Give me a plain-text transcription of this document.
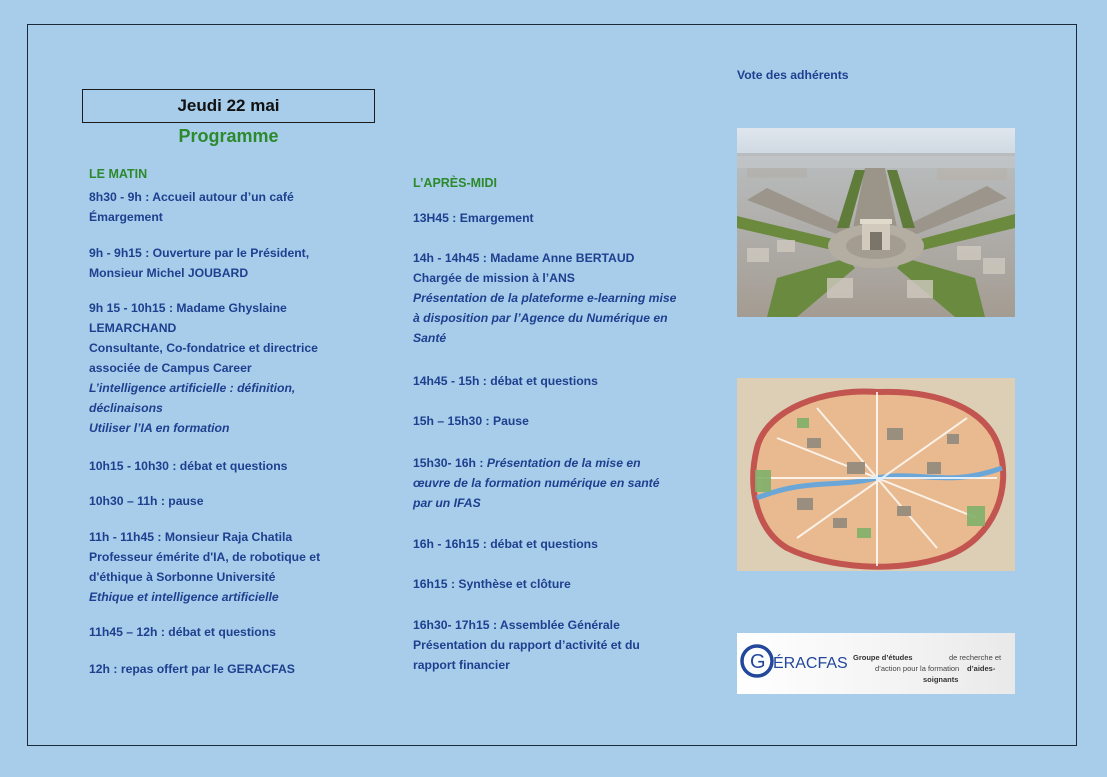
Vote des adhérents
Jeudi 22 mai
Programme
LE MATIN
8h30 - 9h : Accueil autour d’un café
Émargement
9h - 9h15 : Ouverture par le Président,
Monsieur Michel JOUBARD
9h 15 - 10h15 : Madame Ghyslaine
LEMARCHAND
Consultante, Co-fondatrice et directrice
associée de Campus Career
L’intelligence artificielle : définition,
déclinaisons
Utiliser l’IA en formation
10h15 - 10h30 : débat et questions
10h30 – 11h : pause
11h - 11h45 : Monsieur Raja Chatila
Professeur émérite d'IA, de robotique et
d'éthique à Sorbonne Université
Ethique et intelligence artificielle
11h45 – 12h : débat et questions
12h : repas offert par le GERACFAS
L’APRÈS-MIDI
13H45 : Emargement
14h - 14h45 : Madame Anne BERTAUD
Chargée de mission à l’ANS
Présentation de la plateforme e-learning mise
à disposition par l’Agence du Numérique en
Santé
14h45 - 15h : débat et questions
15h – 15h30 : Pause
15h30- 16h : Présentation de la mise en
œuvre de la formation numérique en santé
par un IFAS
16h - 16h15 : débat et questions
16h15 : Synthèse et clôture
16h30- 17h15 : Assemblée Générale
Présentation du rapport d’activité et du
rapport financier	G ÉRACFAS Groupe d’études	de recherche et
d’action pour la formation d’aides-
soignants
